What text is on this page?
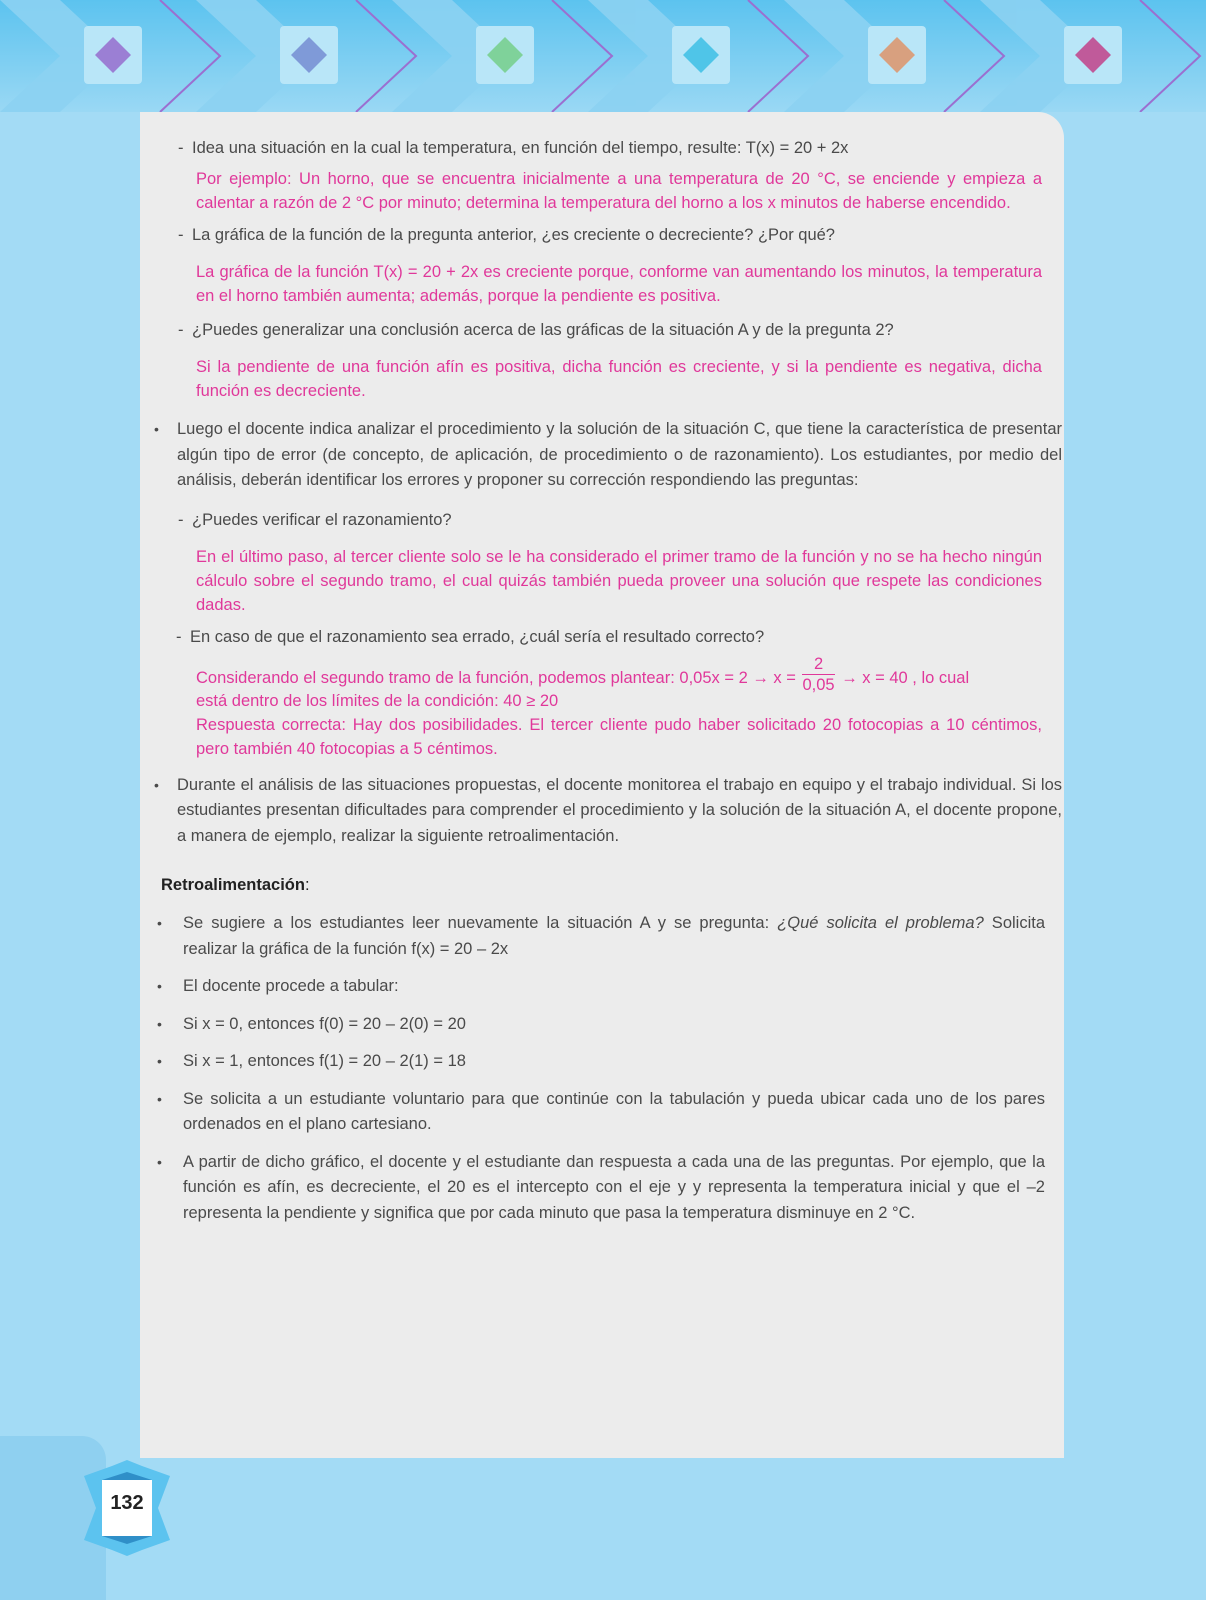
- Idea una situación en la cual la temperatura, en función del tiempo, resulte: T(x) = 20 + 2x
Por ejemplo: Un horno, que se encuentra inicialmente a una temperatura de 20 °C, se enciende y empieza a calentar a razón de 2 °C por minuto; determina la temperatura del horno a los x minutos de haberse encendido.
- La gráfica de la función de la pregunta anterior, ¿es creciente o decreciente? ¿Por qué?
La gráfica de la función T(x) = 20 + 2x es creciente porque, conforme van aumentando los minutos, la temperatura en el horno también aumenta; además, porque la pendiente es positiva.
- ¿Puedes generalizar una conclusión acerca de las gráficas de la situación A y de la pregunta 2?
Si la pendiente de una función afín es positiva, dicha función es creciente, y si la pendiente es negativa, dicha función es decreciente.
• Luego el docente indica analizar el procedimiento y la solución de la situación C, que tiene la característica de presentar algún tipo de error (de concepto, de aplicación, de procedimiento o de razonamiento). Los estudiantes, por medio del análisis, deberán identificar los errores y proponer su corrección respondiendo las preguntas:
- ¿Puedes verificar el razonamiento?
En el último paso, al tercer cliente solo se le ha considerado el primer tramo de la función y no se ha hecho ningún cálculo sobre el segundo tramo, el cual quizás también pueda proveer una solución que respete las condiciones dadas.
- En caso de que el razonamiento sea errado, ¿cuál sería el resultado correcto?
Considerando el segundo tramo de la función, podemos plantear: $0,05x = 2 \to x = \frac{2}{0,05} \to x = 40$ , lo cual
está dentro de los límites de la condición: 40 ≥ 20
Respuesta correcta: Hay dos posibilidades. El tercer cliente pudo haber solicitado 20 fotocopias a 10 céntimos, pero también 40 fotocopias a 5 céntimos.
• Durante el análisis de las situaciones propuestas, el docente monitorea el trabajo en equipo y el trabajo individual. Si los estudiantes presentan dificultades para comprender el procedimiento y la solución de la situación A, el docente propone, a manera de ejemplo, realizar la siguiente retroalimentación.
Retroalimentación:
• Se sugiere a los estudiantes leer nuevamente la situación A y se pregunta: ¿Qué solicita el problema? Solicita realizar la gráfica de la función f(x) = 20 – 2x
• El docente procede a tabular:
• Si x = 0, entonces f(0) = 20 – 2(0) = 20
• Si x = 1, entonces f(1) = 20 – 2(1) = 18
• Se solicita a un estudiante voluntario para que continúe con la tabulación y pueda ubicar cada uno de los pares ordenados en el plano cartesiano.
• A partir de dicho gráfico, el docente y el estudiante dan respuesta a cada una de las preguntas. Por ejemplo, que la función es afín, es decreciente, el 20 es el intercepto con el eje y y representa la temperatura inicial y que el –2 representa la pendiente y significa que por cada minuto que pasa la temperatura disminuye en 2 °C.
132
